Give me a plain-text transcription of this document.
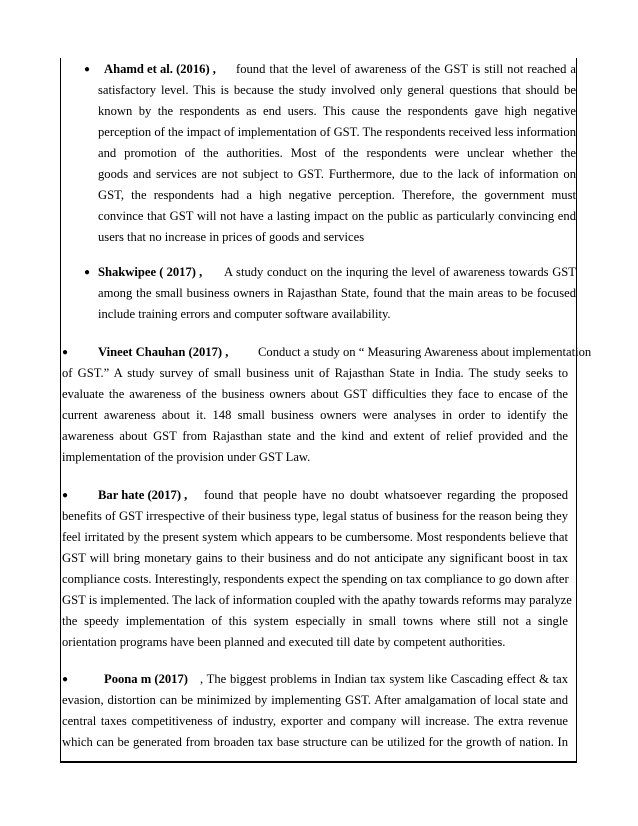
● Ahamd et al. (2016) , found that the level of awareness of the GST is still not reached a
satisfactory level. This is because the study involved only general questions that should be
known by the respondents as end users. This cause the respondents gave high negative
perception of the impact of implementation of GST. The respondents received less information
and promotion of the authorities. Most of the respondents were unclear whether the
goods and services are not subject to GST. Furthermore, due to the lack of information on
GST, the respondents had a high negative perception. Therefore, the government must
convince that GST will not have a lasting impact on the public as particularly convincing end
users that no increase in prices of goods and services
● Shakwipee ( 2017) , A study conduct on the inquring the level of awareness towards GST
among the small business owners in Rajasthan State, found that the main areas to be focused
include training errors and computer software availability.
● Vineet Chauhan (2017) , Conduct a study on “ Measuring Awareness about implementation
of GST.” A study survey of small business unit of Rajasthan State in India. The study seeks to
evaluate the awareness of the business owners about GST difficulties they face to encase of the
current awareness about it. 148 small business owners were analyses in order to identify the
awareness about GST from Rajasthan state and the kind and extent of relief provided and the
implementation of the provision under GST Law.
● Bar hate (2017) , found that people have no doubt whatsoever regarding the proposed
benefits of GST irrespective of their business type, legal status of business for the reason being they
feel irritated by the present system which appears to be cumbersome. Most respondents believe that
GST will bring monetary gains to their business and do not anticipate any significant boost in tax
compliance costs. Interestingly, respondents expect the spending on tax compliance to go down after
GST is implemented. The lack of information coupled with the apathy towards reforms may paralyze
the speedy implementation of this system especially in small towns where still not a single
orientation programs have been planned and executed till date by competent authorities.
●	Poona m (2017) , The biggest problems in Indian tax system like Cascading effect & tax
evasion, distortion can be minimized by implementing GST. After amalgamation of local state and
central taxes competitiveness of industry, exporter and company will increase. The extra revenue
which can be generated from broaden tax base structure can be utilized for the growth of nation. In
